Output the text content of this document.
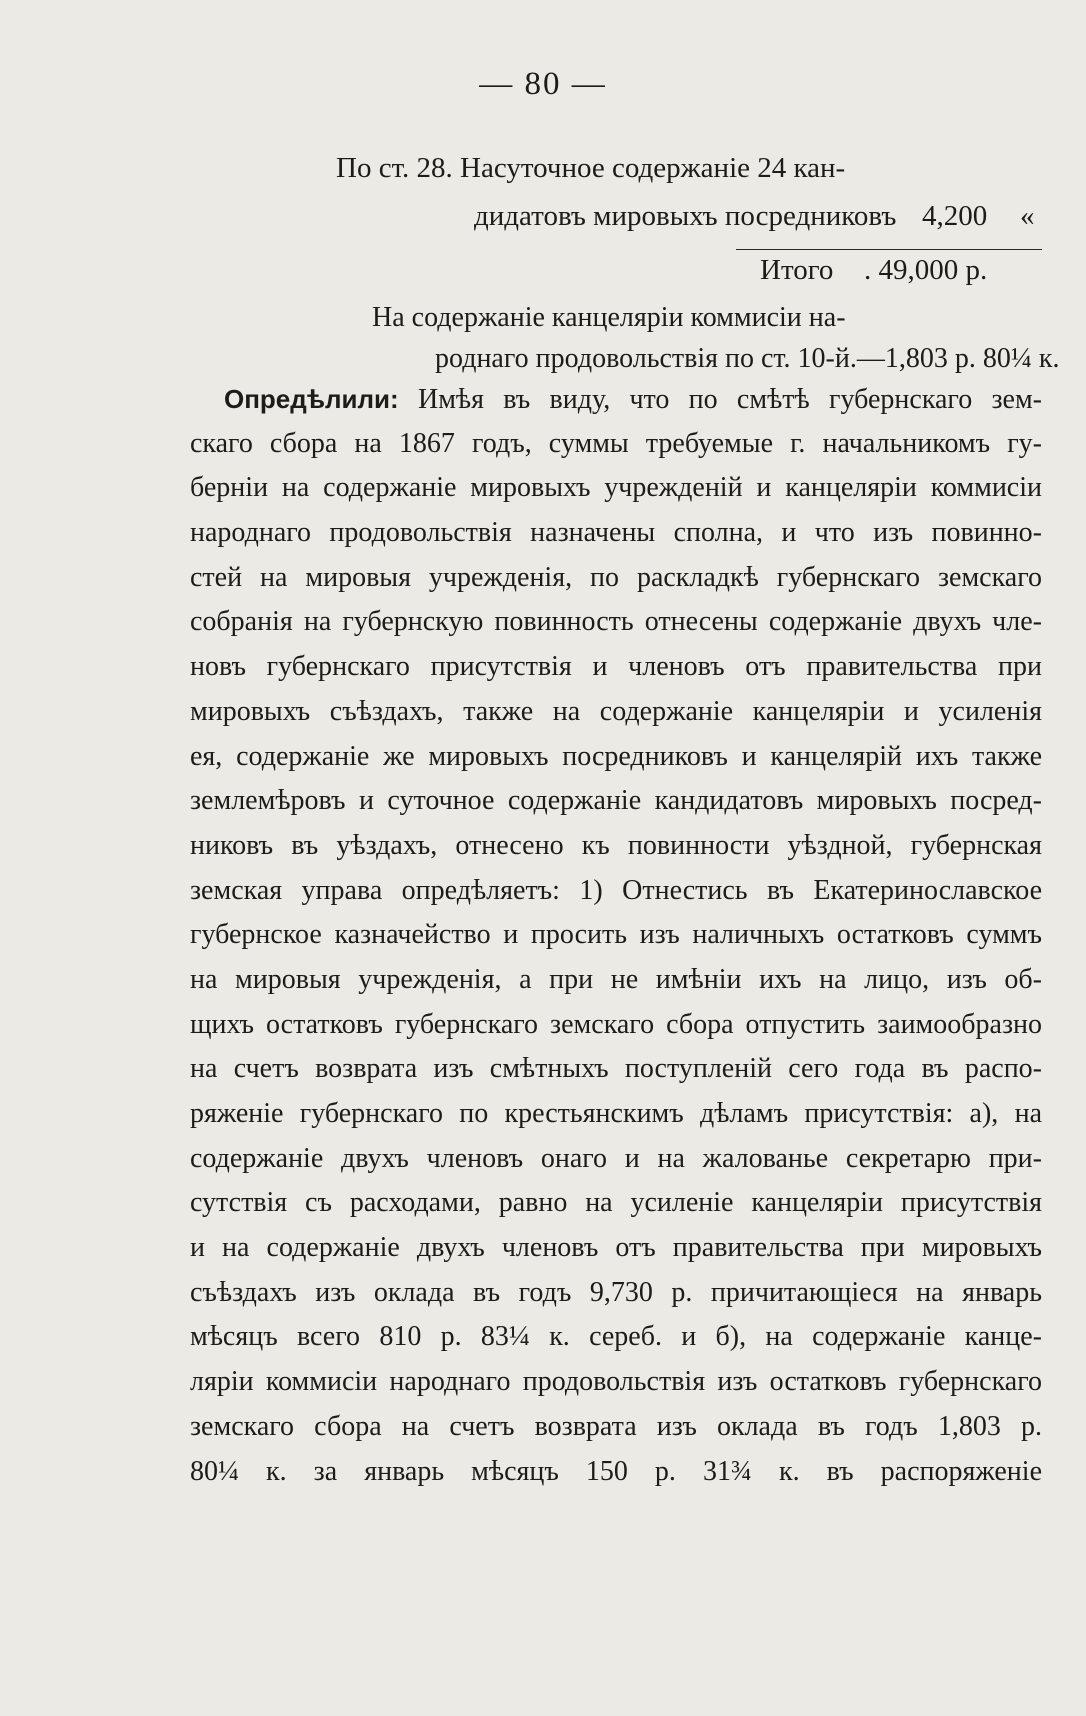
— 80 —
По ст. 28. Насуточное содержаніе 24 кан-
дидатовъ мировыхъ посредниковъ 4,200 «
Итого . 49,000 р.
На содержаніе канцеляріи коммисіи на-
роднаго продовольствія по ст. 10-й.—1,803 р. 80¼ к.
Опредѣлили: Имѣя въ виду, что по смѣтѣ губернскаго зем-
скаго сбора на 1867 годъ, суммы требуемые г. начальникомъ гу-
берніи на содержаніе мировыхъ учрежденій и канцеляріи коммисіи
народнаго продовольствія назначены сполна, и что изъ повинно-
стей на мировыя учрежденія, по раскладкѣ губернскаго земскаго
собранія на губернскую повинность отнесены содержаніе двухъ чле-
новъ губернскаго присутствія и членовъ отъ правительства при
мировыхъ съѣздахъ, также на содержаніе канцеляріи и усиленія
ея, содержаніе же мировыхъ посредниковъ и канцелярій ихъ также
землемѣровъ и суточное содержаніе кандидатовъ мировыхъ посред-
никовъ въ уѣздахъ, отнесено къ повинности уѣздной, губернская
земская управа опредѣляетъ: 1) Отнестись въ Екатеринославское
губернское казначейство и просить изъ наличныхъ остатковъ суммъ
на мировыя учрежденія, а при не имѣніи ихъ на лицо, изъ об-
щихъ остатковъ губернскаго земскаго сбора отпустить заимообразно
на счетъ возврата изъ смѣтныхъ поступленій сего года въ распо-
ряженіе губернскаго по крестьянскимъ дѣламъ присутствія: а), на
содержаніе двухъ членовъ онаго и на жалованье секретарю при-
сутствія съ расходами, равно на усиленіе канцеляріи присутствія
и на содержаніе двухъ членовъ отъ правительства при мировыхъ
съѣздахъ изъ оклада въ годъ 9,730 р. причитающіеся на январь
мѣсяцъ всего 810 р. 83¼ к. сереб. и б), на содержаніе канце-
ляріи коммисіи народнаго продовольствія изъ остатковъ губернскаго
земскаго сбора на счетъ возврата изъ оклада въ годъ 1,803 р.
80¼ к. за январь мѣсяцъ 150 р. 31¾ к. въ распоряженіе
